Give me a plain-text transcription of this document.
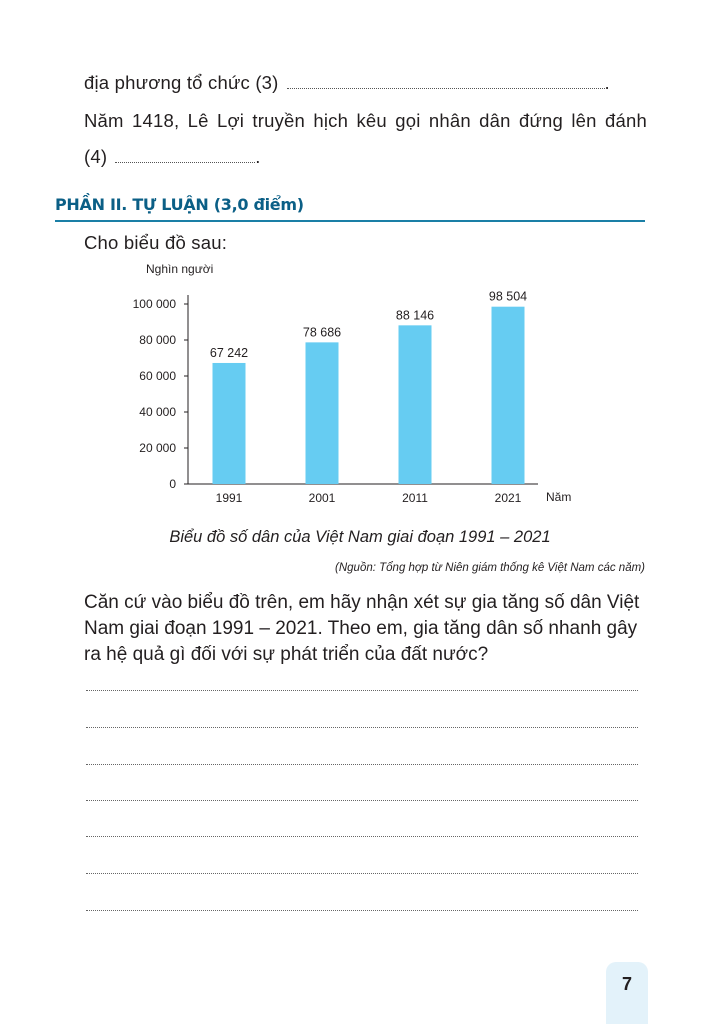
địa phương tổ chức (3)	.
Năm 1418, Lê Lợi truyền hịch kêu gọi nhân dân đứng lên đánh
(4)	.
PHẦN II. TỰ LUẬN (3,0 điểm)
Cho biểu đồ sau:
Nghìn người
Năm
0
20 000
40 000
60 000
80 000
100 000
67 242
1991
78 686
2001
88 146
2011
98 504
2021
Biểu đồ số dân của Việt Nam giai đoạn 1991 – 2021
(Nguồn: Tổng hợp từ Niên giám thống kê Việt Nam các năm)
Căn cứ vào biểu đồ trên, em hãy nhận xét sự gia tăng số dân Việt Nam giai đoạn 1991 – 2021. Theo em, gia tăng dân số nhanh gây ra hệ quả gì đối với sự phát triển của đất nước?
7
